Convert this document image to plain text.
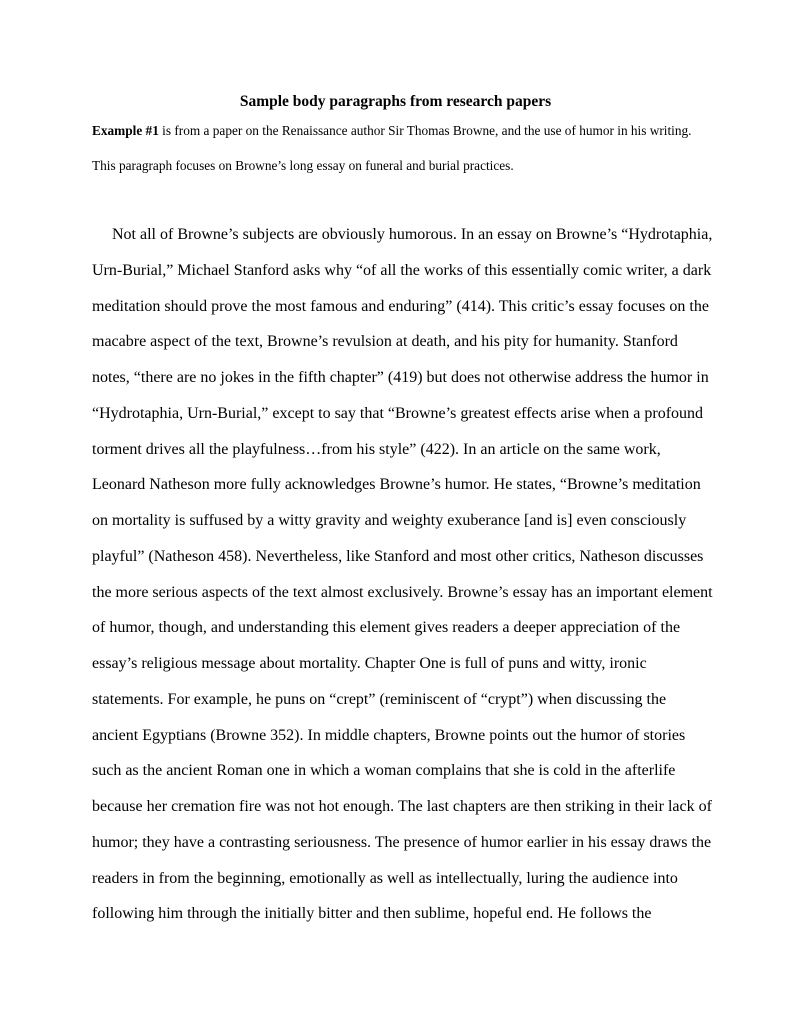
Sample body paragraphs from research papers
Example #1 is from a paper on the Renaissance author Sir Thomas Browne, and the use of humor in his writing.
This paragraph focuses on Browne’s long essay on funeral and burial practices.
Not all of Browne’s subjects are obviously humorous. In an essay on Browne’s “Hydrotaphia,
Urn-Burial,” Michael Stanford asks why “of all the works of this essentially comic writer, a dark
meditation should prove the most famous and enduring” (414). This critic’s essay focuses on the
macabre aspect of the text, Browne’s revulsion at death, and his pity for humanity. Stanford
notes, “there are no jokes in the fifth chapter” (419) but does not otherwise address the humor in
“Hydrotaphia, Urn-Burial,” except to say that “Browne’s greatest effects arise when a profound
torment drives all the playfulness…from his style” (422). In an article on the same work,
Leonard Natheson more fully acknowledges Browne’s humor. He states, “Browne’s meditation
on mortality is suffused by a witty gravity and weighty exuberance [and is] even consciously
playful” (Natheson 458). Nevertheless, like Stanford and most other critics, Natheson discusses
the more serious aspects of the text almost exclusively. Browne’s essay has an important element
of humor, though, and understanding this element gives readers a deeper appreciation of the
essay’s religious message about mortality. Chapter One is full of puns and witty, ironic
statements. For example, he puns on “crept” (reminiscent of “crypt”) when discussing the
ancient Egyptians (Browne 352). In middle chapters, Browne points out the humor of stories
such as the ancient Roman one in which a woman complains that she is cold in the afterlife
because her cremation fire was not hot enough. The last chapters are then striking in their lack of
humor; they have a contrasting seriousness. The presence of humor earlier in his essay draws the
readers in from the beginning, emotionally as well as intellectually, luring the audience into
following him through the initially bitter and then sublime, hopeful end. He follows the
